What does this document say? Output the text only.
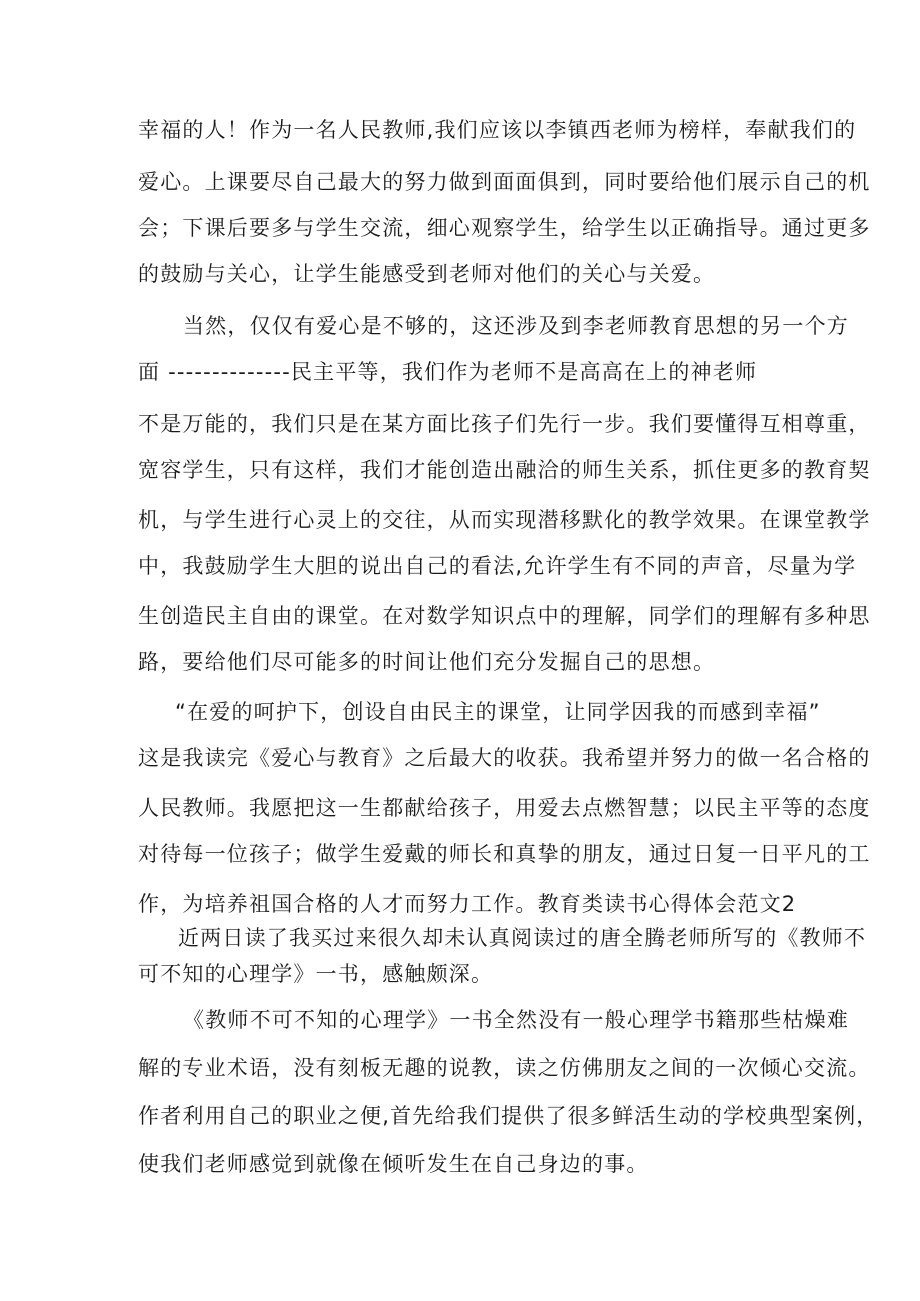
幸福的人！作为一名人民教师,我们应该以李镇西老师为榜样，奉献我们的
爱心。上课要尽自己最大的努力做到面面俱到，同时要给他们展示自己的机
会；下课后要多与学生交流，细心观察学生，给学生以正确指导。通过更多
的鼓励与关心，让学生能感受到老师对他们的关心与关爱。
当然，仅仅有爱心是不够的，这还涉及到李老师教育思想的另一个方
面 --------------民主平等，我们作为老师不是高高在上的神老师
不是万能的，我们只是在某方面比孩子们先行一步。我们要懂得互相尊重，
宽容学生，只有这样，我们才能创造出融洽的师生关系，抓住更多的教育契
机，与学生进行心灵上的交往，从而实现潜移默化的教学效果。在课堂教学
中，我鼓励学生大胆的说出自己的看法,允许学生有不同的声音，尽量为学
生创造民主自由的课堂。在对数学知识点中的理解，同学们的理解有多种思
路，要给他们尽可能多的时间让他们充分发掘自己的思想。
“在爱的呵护下，创设自由民主的课堂，让同学因我的而感到幸福”
这是我读完《爱心与教育》之后最大的收获。我希望并努力的做一名合格的
人民教师。我愿把这一生都献给孩子，用爱去点燃智慧；以民主平等的态度
对待每一位孩子；做学生爱戴的师长和真挚的朋友，通过日复一日平凡的工
作，为培养祖国合格的人才而努力工作。教育类读书心得体会范文2
近两日读了我买过来很久却未认真阅读过的唐全腾老师所写的《教师不
可不知的心理学》一书，感触颇深。
《教师不可不知的心理学》一书全然没有一般心理学书籍那些枯燥难
解的专业术语，没有刻板无趣的说教，读之仿佛朋友之间的一次倾心交流。
作者利用自己的职业之便,首先给我们提供了很多鲜活生动的学校典型案例，
使我们老师感觉到就像在倾听发生在自己身边的事。
